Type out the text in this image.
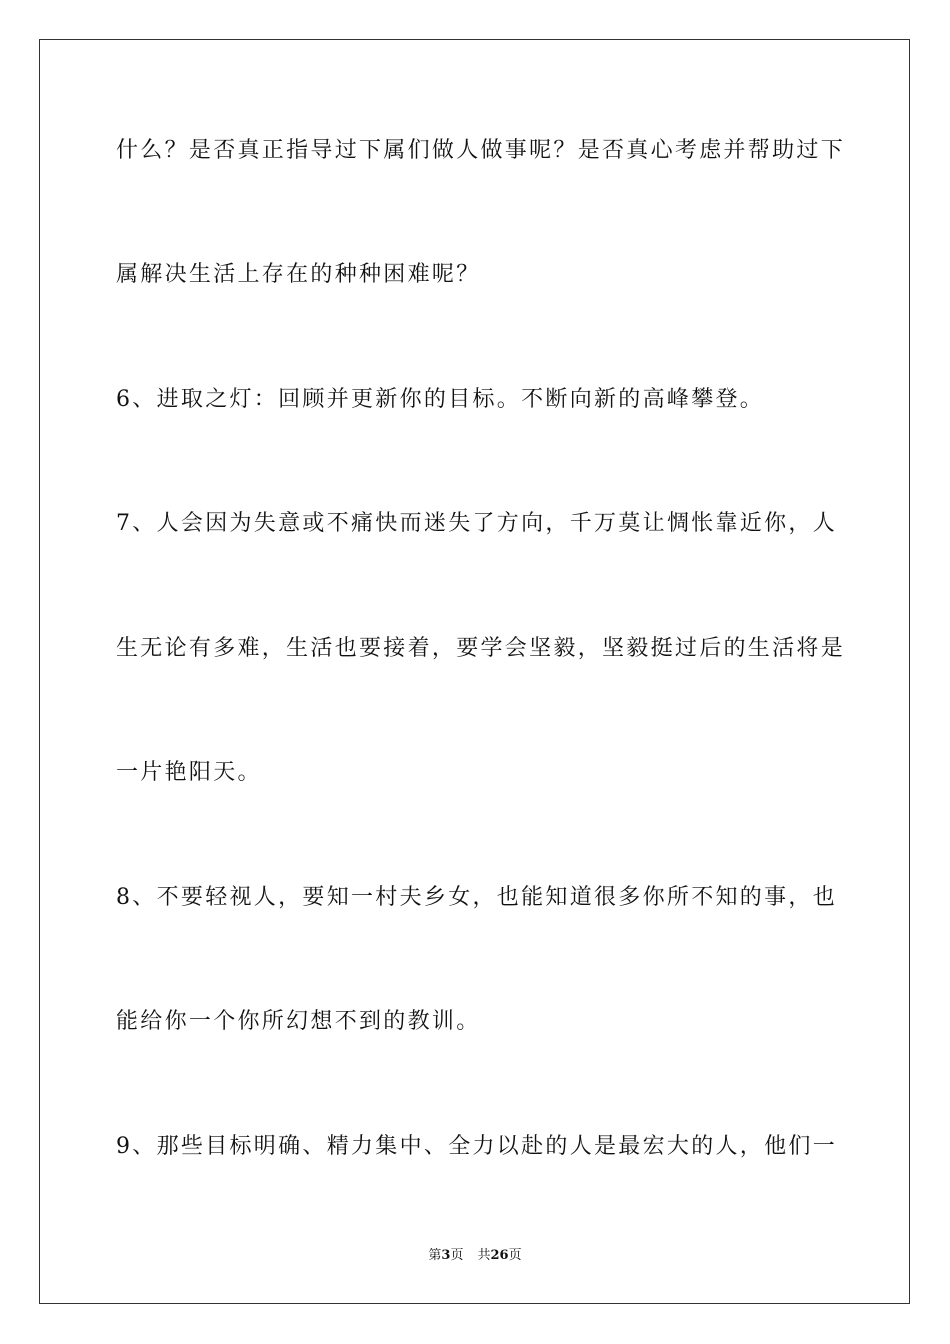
什么？是否真正指导过下属们做人做事呢？是否真心考虑并帮助过下
属解决生活上存在的种种困难呢？
6、进取之灯：回顾并更新你的目标。不断向新的高峰攀登。
7、人会因为失意或不痛快而迷失了方向，千万莫让惆怅靠近你，人
生无论有多难，生活也要接着，要学会坚毅，坚毅挺过后的生活将是
一片艳阳天。
8、不要轻视人，要知一村夫乡女，也能知道很多你所不知的事，也
能给你一个你所幻想不到的教训。
9、那些目标明确、精力集中、全力以赴的人是最宏大的人，他们一
第3页 共26页
